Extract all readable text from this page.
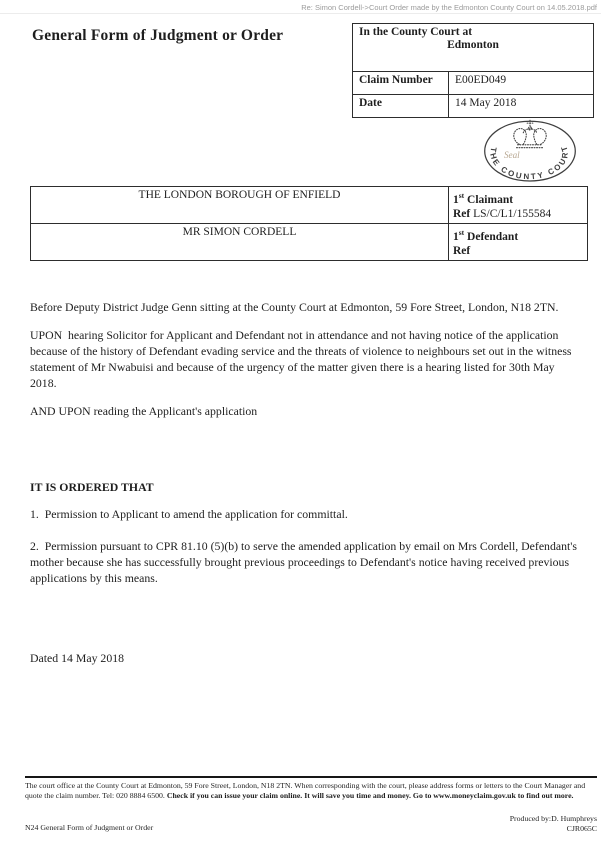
Re: Simon Cordell->Court Order made by the Edmonton County Court on 14.05.2018.pdf
General Form of Judgment or Order	In the County Court at
Edmonton	

Claim Number	E00ED049
Date	14 May 2018
Seal
THE COUNTY COURT
THE LONDON BOROUGH OF ENFIELD	1st Claimant
Ref LS/C/L1/155584

MR SIMON CORDELL	1st Defendant
Ref
Before Deputy District Judge Genn sitting at the County Court at Edmonton, 59 Fore Street, London, N18 2TN.
UPON  hearing Solicitor for Applicant and Defendant not in attendance and not having notice of the application because of the history of Defendant evading service and the threats of violence to neighbours set out in the witness statement of Mr Nwabuisi and because of the urgency of the matter given there is a hearing listed for 30th May 2018.
AND UPON reading the Applicant's application
IT IS ORDERED THAT
1.  Permission to Applicant to amend the application for committal.
2.  Permission pursuant to CPR 81.10 (5)(b) to serve the amended application by email on Mrs Cordell, Defendant's mother because she has successfully brought previous proceedings to Defendant's notice having received previous applications by this means.
Dated 14 May 2018
The court office at the County Court at Edmonton, 59 Fore Street, London, N18 2TN. When corresponding with the court, please address forms or letters to the Court Manager and quote the claim number. Tel: 020 8884 6500. Check if you can issue your claim online. It will save you time and money. Go to www.moneyclaim.gov.uk to find out more.
N24 General Form of Judgment or Order
Produced by:D. Humphreys
CJR065C
